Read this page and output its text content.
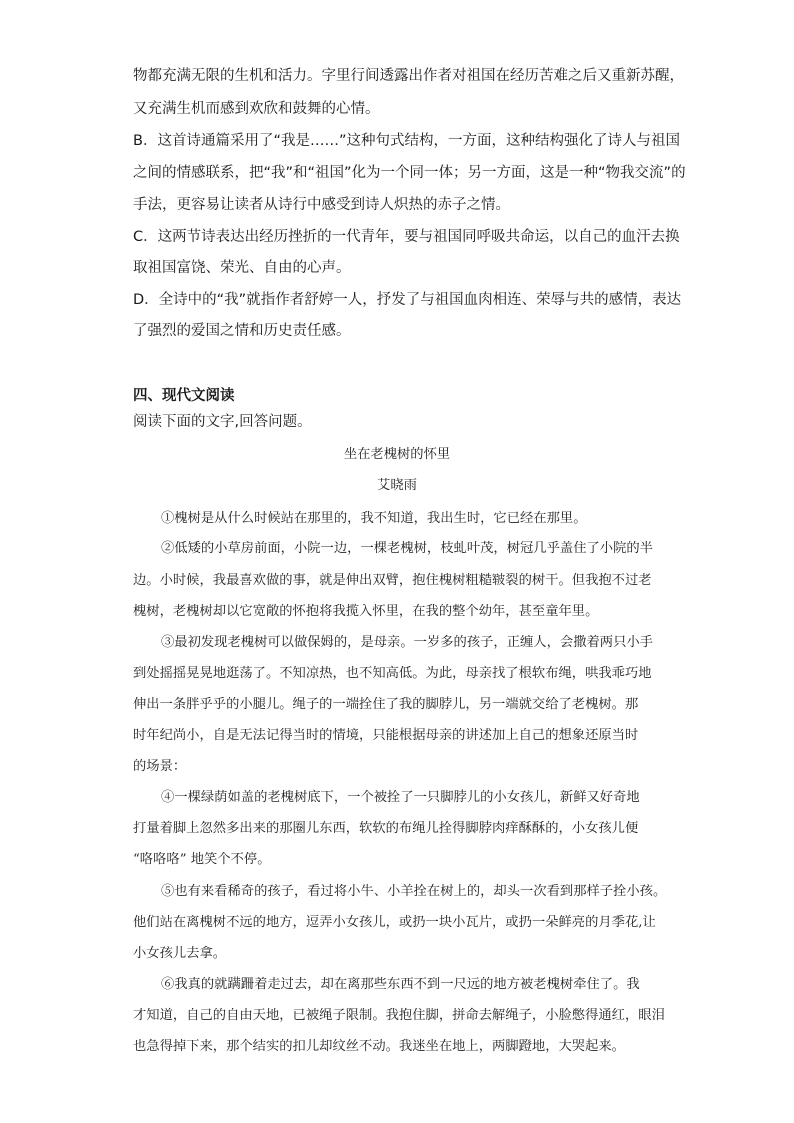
物都充满无限的生机和活力。字里行间透露出作者对祖国在经历苦难之后又重新苏醒，
又充满生机而感到欢欣和鼓舞的心情。
B．这首诗通篇采用了“我是……”这种句式结构，一方面，这种结构强化了诗人与祖国
之间的情感联系，把“我”和“祖国”化为一个同一体；另一方面，这是一种“物我交流”的
手法，更容易让读者从诗行中感受到诗人炽热的赤子之情。
C．这两节诗表达出经历挫折的一代青年，要与祖国同呼吸共命运，以自己的血汗去换
取祖国富饶、荣光、自由的心声。
D．全诗中的“我”就指作者舒婷一人，抒发了与祖国血肉相连、荣辱与共的感情，表达
了强烈的爱国之情和历史责任感。
四、现代文阅读
阅读下面的文字,回答问题。
坐在老槐树的怀里
艾晓雨
①槐树是从什么时候站在那里的，我不知道，我出生时，它已经在那里。
②低矮的小草房前面，小院一边，一棵老槐树，枝虬叶茂，树冠几乎盖住了小院的半
边。小时候，我最喜欢做的事，就是伸出双臂，抱住槐树粗糙皲裂的树干。但我抱不过老
槐树，老槐树却以它宽敞的怀抱将我揽入怀里，在我的整个幼年，甚至童年里。
③最初发现老槐树可以做保姆的，是母亲。一岁多的孩子，正缠人，会撒着两只小手
到处摇摇晃晃地逛荡了。不知凉热，也不知高低。为此，母亲找了根软布绳，哄我乖巧地
伸出一条胖乎乎的小腿儿。绳子的一端拴住了我的脚脖儿，另一端就交给了老槐树。那
时年纪尚小，自是无法记得当时的情境，只能根据母亲的讲述加上自己的想象还原当时
的场景：
④一棵绿荫如盖的老槐树底下，一个被拴了一只脚脖儿的小女孩儿，新鲜又好奇地
打量着脚上忽然多出来的那圈儿东西，软软的布绳儿拴得脚脖肉痒酥酥的，小女孩儿便
“咯咯咯” 地笑个不停。
⑤也有来看稀奇的孩子，看过将小牛、小羊拴在树上的，却头一次看到那样子拴小孩。
他们站在离槐树不远的地方，逗弄小女孩儿，或扔一块小瓦片，或扔一朵鲜亮的月季花,让
小女孩儿去拿。
⑥我真的就蹒跚着走过去，却在离那些东西不到一尺远的地方被老槐树牵住了。我
才知道，自己的自由天地，已被绳子限制。我抱住脚，拼命去解绳子，小脸憋得通红，眼泪
也急得掉下来，那个结实的扣儿却纹丝不动。我迷坐在地上，两脚蹬地，大哭起来。
